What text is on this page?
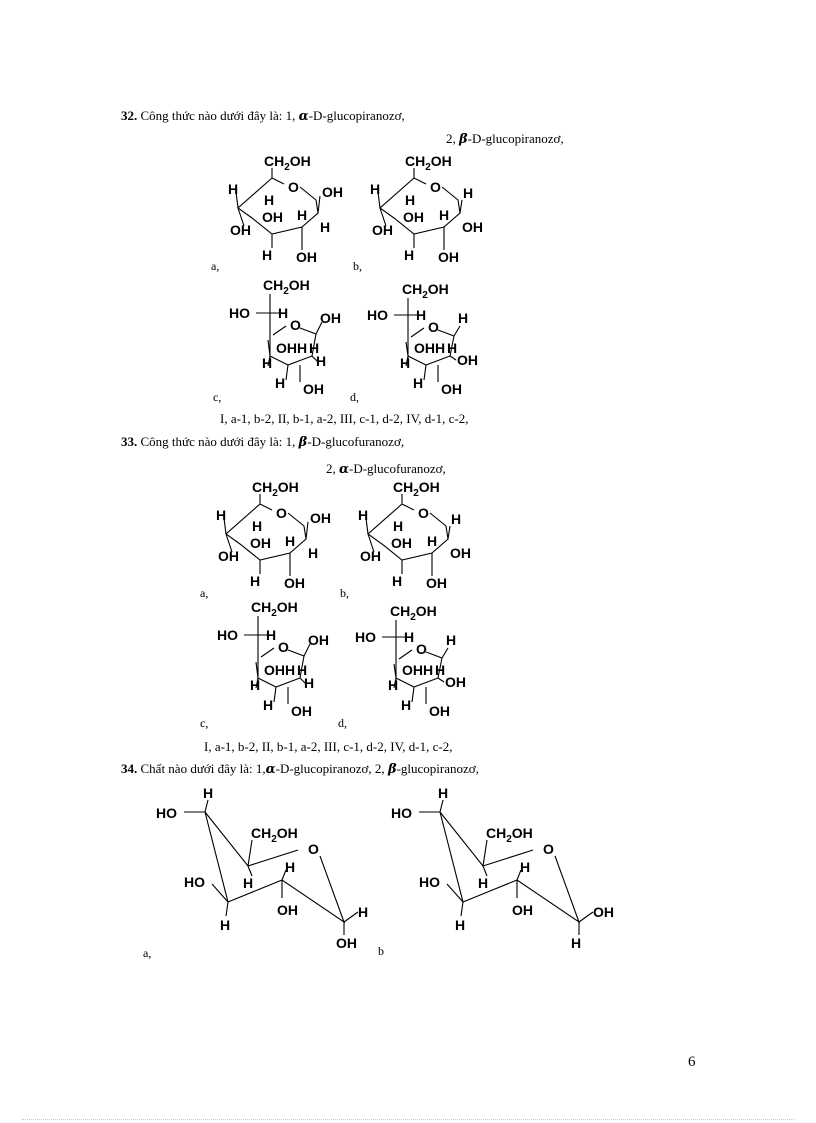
32. Công thức nào dưới đây là: 1, α-D-glucopiranozơ,
2, β-D-glucopiranozơ,
$CH_2OH$
O
H
H	OH
OH H
H
OH
H OH
a,
$CH_2OH$
O
H
H	H
OH H
OH
OH
H OH
b,
$CH_2OH$
HO H
O OH
OHH H
H	H
H OH
c,
$CH_2OH$
HO H
O
H
OHH H
H	OH
H OH
d,
I, a-1, b-2, II, b-1, a-2, III, c-1, d-2, IV, d-1, c-2,
33. Công thức nào dưới đây là: 1, β-D-glucofuranozơ,
2, α-D-glucofuranozơ,
$CH_2OH$
O
H
H	OH
OH H
H
OH
H OH
a,
$CH_2OH$
O
H
H	H
OH H
OH
OH
H OH
b,
$CH_2OH$
HO H
O OH
OHH H
H	H
H OH
c,
$CH_2OH$
HO H
O
H
OHH H
H	OH
H OH
d,
I, a-1, b-2, II, b-1, a-2, III, c-1, d-2, IV, d-1, c-2,
34. Chất nào dưới đây là: 1,α-D-glucopiranozơ, 2, β-glucopiranozơ,
H
HO
$CH_2OH$
O
H
HO	H
OH	H
H
OH
a,
H
HO
$CH_2OH$
O
H
HO	H
OH	OH
H
H
b
6
